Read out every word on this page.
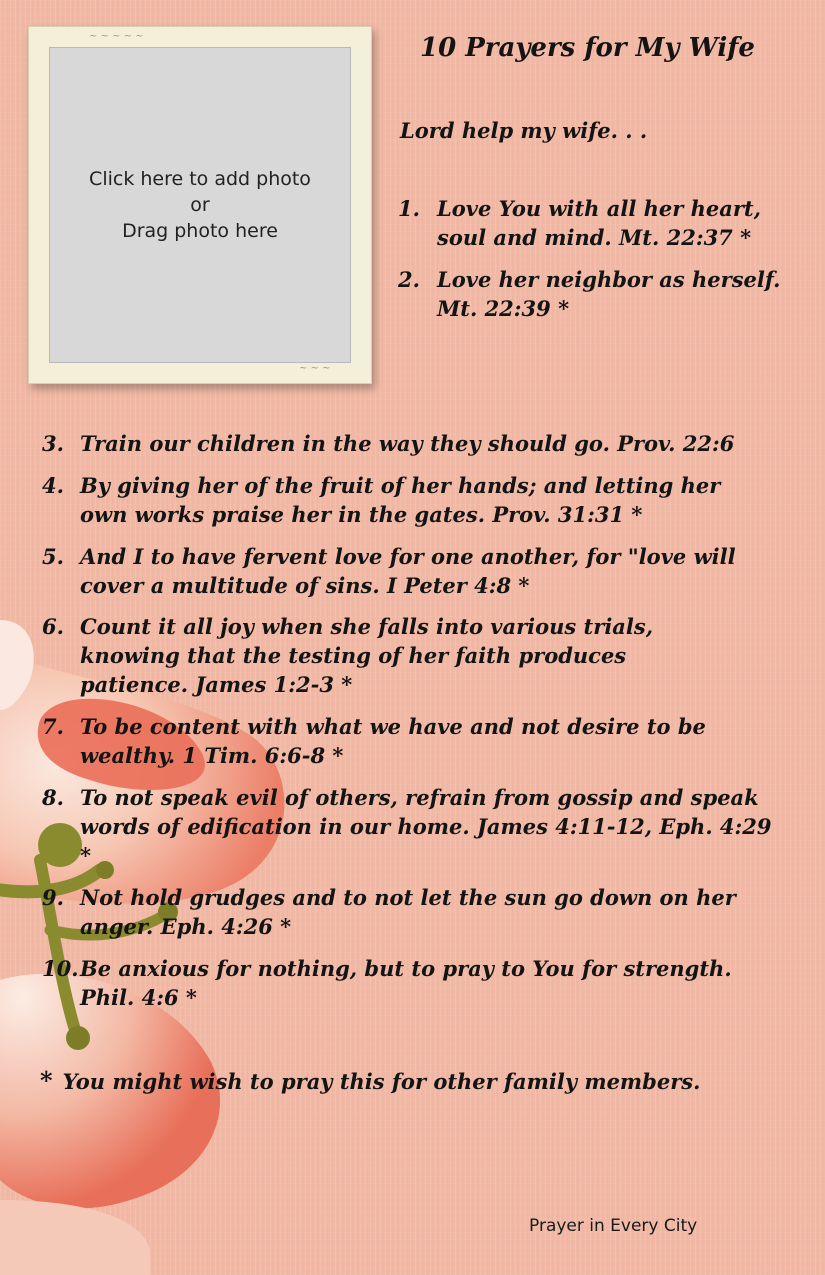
~ ~ ~ ~ ~
~ ~ ~
Click here to add photo
or
Drag photo here
10 Prayers for My Wife

Lord help my wife. . .

1. Love You with all her heart, soul and mind. Mt. 22:37 *
2. Love her neighbor as herself. Mt. 22:39 *
3. Train our children in the way they should go. Prov. 22:6
4. By giving her of the fruit of her hands; and letting her own works praise her in the gates. Prov. 31:31 *
5. And I to have fervent love for one another, for "love will cover a multitude of sins. I Peter 4:8 *
6. Count it all joy when she falls into various trials, knowing that the testing of her faith produces patience. James 1:2-3 *
7. To be content with what we have and not desire to be wealthy. 1 Tim. 6:6-8 *
8. To not speak evil of others, refrain from gossip and speak words of edification in our home. James 4:11-12, Eph. 4:29 *
9. Not hold grudges and to not let the sun go down on her anger. Eph. 4:26 *
10. Be anxious for nothing, but to pray to You for strength. Phil. 4:6 *
* You might wish to pray this for other family members.
Prayer in Every City
